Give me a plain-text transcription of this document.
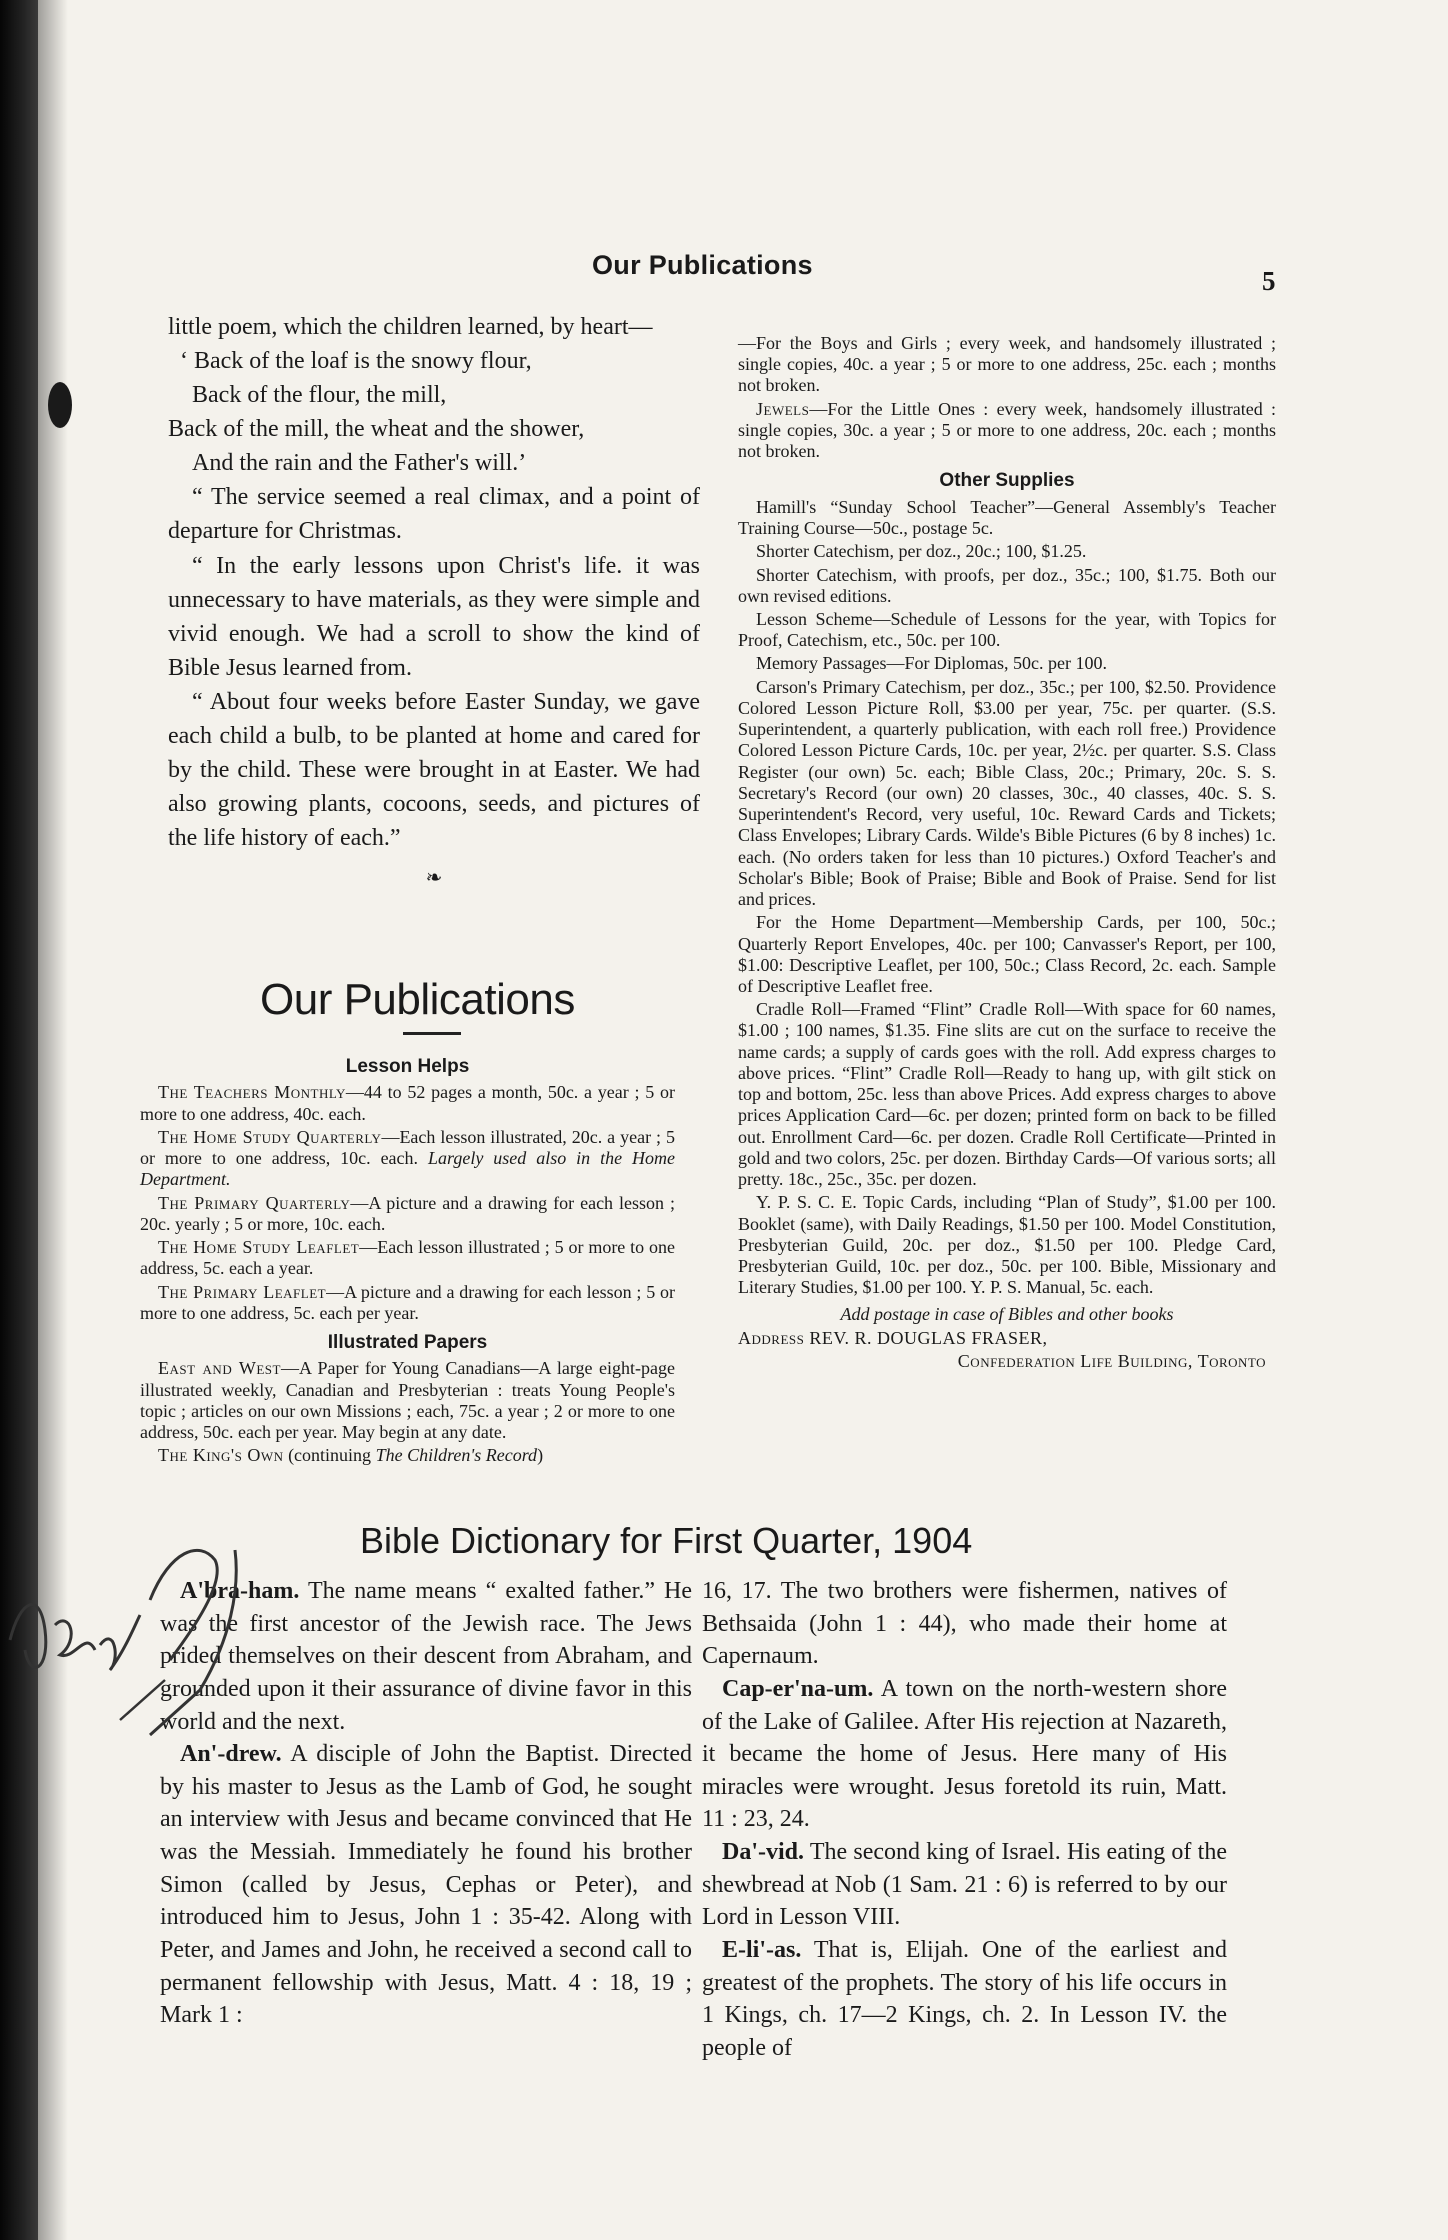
Our Publications
5
little poem, which the children learned, by heart—
‘ Back of the loaf is the snowy flour,
Back of the flour, the mill,
Back of the mill, the wheat and the shower,
And the rain and the Father's will.’

“ The service seemed a real climax, and a point of departure for Christmas.

“ In the early lessons upon Christ's life. it was unnecessary to have materials, as they were simple and vivid enough. We had a scroll to show the kind of Bible Jesus learned from.

“ About four weeks before Easter Sunday, we gave each child a bulb, to be planted at home and cared for by the child. These were brought in at Easter. We had also growing plants, cocoons, seeds, and pictures of the life history of each.”

❧
Our Publications

Lesson Helps

The Teachers Monthly—44 to 52 pages a month, 50c. a year ; 5 or more to one address, 40c. each.

The Home Study Quarterly—Each lesson illustrated, 20c. a year ; 5 or more to one address, 10c. each. Largely used also in the Home Department.

The Primary Quarterly—A picture and a drawing for each lesson ; 20c. yearly ; 5 or more, 10c. each.

The Home Study Leaflet—Each lesson illustrated ; 5 or more to one address, 5c. each a year.

The Primary Leaflet—A picture and a drawing for each lesson ; 5 or more to one address, 5c. each per year.

Illustrated Papers

East and West—A Paper for Young Canadians—A large eight-page illustrated weekly, Canadian and Presbyterian : treats Young People's topic ; articles on our own Missions ; each, 75c. a year ; 2 or more to one address, 50c. each per year. May begin at any date.

The King's Own (continuing The Children's Record)

—For the Boys and Girls ; every week, and handsomely illustrated ; single copies, 40c. a year ; 5 or more to one address, 25c. each ; months not broken.

Jewels—For the Little Ones : every week, handsomely illustrated : single copies, 30c. a year ; 5 or more to one address, 20c. each ; months not broken.

Other Supplies

Hamill's “Sunday School Teacher”—General Assembly's Teacher Training Course—50c., postage 5c.

Shorter Catechism, per doz., 20c.; 100, $1.25.

Shorter Catechism, with proofs, per doz., 35c.; 100, $1.75. Both our own revised editions.

Lesson Scheme—Schedule of Lessons for the year, with Topics for Proof, Catechism, etc., 50c. per 100.

Memory Passages—For Diplomas, 50c. per 100.

Carson's Primary Catechism, per doz., 35c.; per 100, $2.50. Providence Colored Lesson Picture Roll, $3.00 per year, 75c. per quarter. (S.S. Superintendent, a quarterly publication, with each roll free.) Providence Colored Lesson Picture Cards, 10c. per year, 2½c. per quarter. S.S. Class Register (our own) 5c. each; Bible Class, 20c.; Primary, 20c. S. S. Secretary's Record (our own) 20 classes, 30c., 40 classes, 40c. S. S. Superintendent's Record, very useful, 10c. Reward Cards and Tickets; Class Envelopes; Library Cards. Wilde's Bible Pictures (6 by 8 inches) 1c. each. (No orders taken for less than 10 pictures.) Oxford Teacher's and Scholar's Bible; Book of Praise; Bible and Book of Praise. Send for list and prices.

For the Home Department—Membership Cards, per 100, 50c.; Quarterly Report Envelopes, 40c. per 100; Canvasser's Report, per 100, $1.00: Descriptive Leaflet, per 100, 50c.; Class Record, 2c. each. Sample of Descriptive Leaflet free.

Cradle Roll—Framed “Flint” Cradle Roll—With space for 60 names, $1.00 ; 100 names, $1.35. Fine slits are cut on the surface to receive the name cards; a supply of cards goes with the roll. Add express charges to above prices. “Flint” Cradle Roll—Ready to hang up, with gilt stick on top and bottom, 25c. less than above Prices. Add express charges to above prices Application Card—6c. per dozen; printed form on back to be filled out. Enrollment Card—6c. per dozen. Cradle Roll Certificate—Printed in gold and two colors, 25c. per dozen. Birthday Cards—Of various sorts; all pretty. 18c., 25c., 35c. per dozen.

Y. P. S. C. E. Topic Cards, including “Plan of Study”, $1.00 per 100. Booklet (same), with Daily Readings, $1.50 per 100. Model Constitution, Presbyterian Guild, 20c. per doz., $1.50 per 100. Pledge Card, Presbyterian Guild, 10c. per doz., 50c. per 100. Bible, Missionary and Literary Studies, $1.00 per 100. Y. P. S. Manual, 5c. each.

Add postage in case of Bibles and other books

Address REV. R. DOUGLAS FRASER,

Confederation Life Building, Toronto

Bible Dictionary for First Quarter, 1904

A'bra-ham. The name means “ exalted father.” He was the first ancestor of the Jewish race. The Jews prided themselves on their descent from Abraham, and grounded upon it their assurance of divine favor in this world and the next.

An'-drew. A disciple of John the Baptist. Directed by his master to Jesus as the Lamb of God, he sought an interview with Jesus and became convinced that He was the Messiah. Immediately he found his brother Simon (called by Jesus, Cephas or Peter), and introduced him to Jesus, John 1 : 35-42. Along with Peter, and James and John, he received a second call to permanent fellowship with Jesus, Matt. 4 : 18, 19 ; Mark 1 :

16, 17. The two brothers were fishermen, natives of Bethsaida (John 1 : 44), who made their home at Capernaum.

Cap-er'na-um. A town on the north-western shore of the Lake of Galilee. After His rejection at Nazareth, it became the home of Jesus. Here many of His miracles were wrought. Jesus foretold its ruin, Matt. 11 : 23, 24.

Da'-vid. The second king of Israel. His eating of the shewbread at Nob (1 Sam. 21 : 6) is referred to by our Lord in Lesson VIII.

E-li'-as. That is, Elijah. One of the earliest and greatest of the prophets. The story of his life occurs in 1 Kings, ch. 17—2 Kings, ch. 2. In Lesson IV. the people of
